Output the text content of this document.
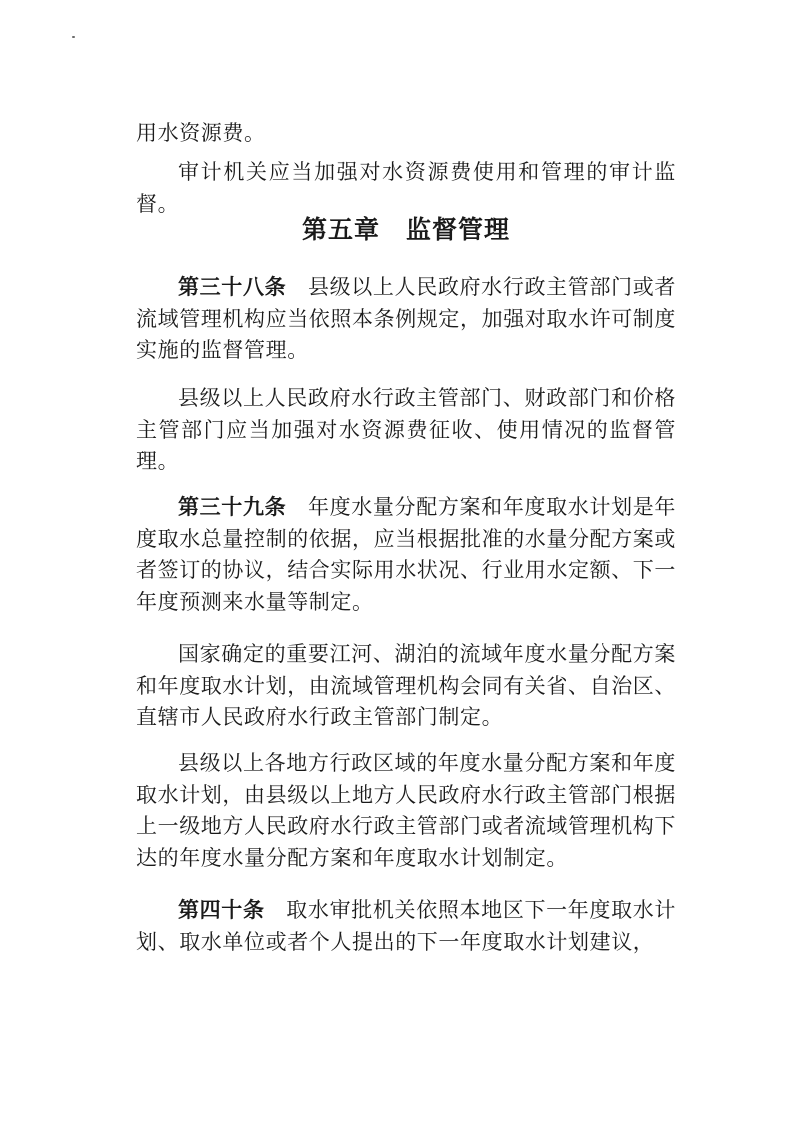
用水资源费。
审计机关应当加强对水资源费使用和管理的审计监督。
第五章　监督管理
第三十八条　 县级以上人民政府水行政主管部门或者流域管理机构应当依照本条例规定，加强对取水许可制度实施的监督管理。
县级以上人民政府水行政主管部门、财政部门和价格主管部门应当加强对水资源费征收、使用情况的监督管理。
第三十九条　 年度水量分配方案和年度取水计划是年度取水总量控制的依据，应当根据批准的水量分配方案或者签订的协议，结合实际用水状况、行业用水定额、下一年度预测来水量等制定。
国家确定的重要江河、湖泊的流域年度水量分配方案和年度取水计划，由流域管理机构会同有关省、自治区、直辖市人民政府水行政主管部门制定。
县级以上各地方行政区域的年度水量分配方案和年度取水计划，由县级以上地方人民政府水行政主管部门根据上一级地方人民政府水行政主管部门或者流域管理机构下达的年度水量分配方案和年度取水计划制定。
第四十条　 取水审批机关依照本地区下一年度取水计划、取水单位或者个人提出的下一年度取水计划建议，
